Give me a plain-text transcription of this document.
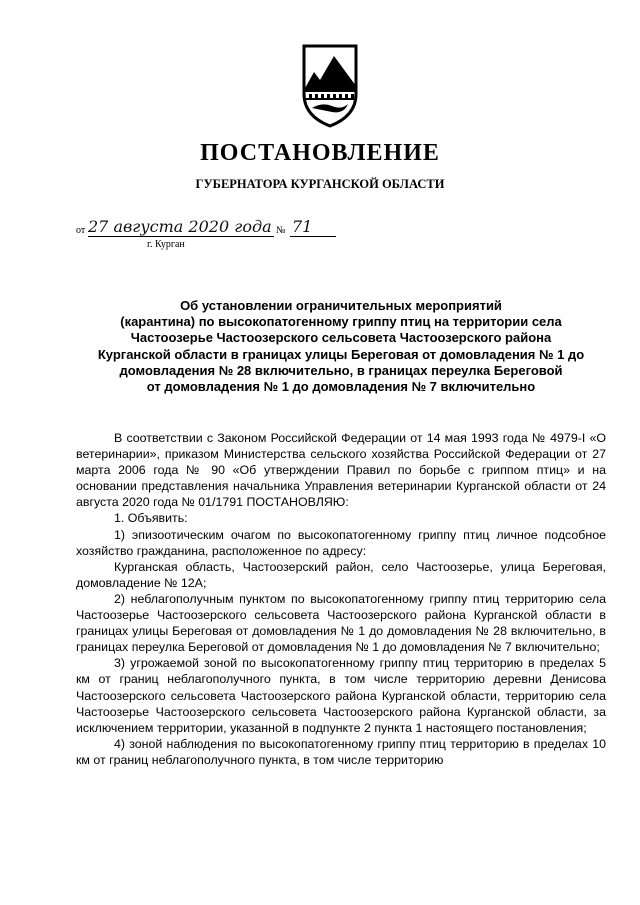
ПОСТАНОВЛЕНИЕ
ГУБЕРНАТОРА КУРГАНСКОЙ ОБЛАСТИ
от 27 августа 2020 года № 71
г. Курган
Об установлении ограничительных мероприятий
(карантина) по высокопатогенному гриппу птиц на территории села
Частоозерье Частоозерского сельсовета Частоозерского района
Курганской области в границах улицы Береговая от домовладения № 1 до
домовладения № 28 включительно, в границах переулка Береговой
от домовладения № 1 до домовладения № 7 включительно

В соответствии с Законом Российской Федерации от 14 мая 1993 года № 4979-I «О ветеринарии», приказом Министерства сельского хозяйства Российской Федерации от 27 марта 2006 года № 90 «Об утверждении Правил по борьбе с гриппом птиц» и на основании представления начальника Управления ветеринарии Курганской области от 24 августа 2020 года № 01/1791 ПОСТАНОВЛЯЮ:

1. Объявить:

1) эпизоотическим очагом по высокопатогенному гриппу птиц личное подсобное хозяйство гражданина, расположенное по адресу:

Курганская область, Частоозерский район, село Частоозерье, улица Береговая, домовладение № 12А;

2) неблагополучным пунктом по высокопатогенному гриппу птиц территорию села Частоозерье Частоозерского сельсовета Частоозерского района Курганской области в границах улицы Береговая от домовладения № 1 до домовладения № 28 включительно, в границах переулка Береговой от домовладения № 1 до домовладения № 7 включительно;

3) угрожаемой зоной по высокопатогенному гриппу птиц территорию в пределах 5 км от границ неблагополучного пункта, в том числе территорию деревни Денисова Частоозерского сельсовета Частоозерского района Курганской области, территорию села Частоозерье Частоозерского сельсовета Частоозерского района Курганской области, за исключением территории, указанной в подпункте 2 пункта 1 настоящего постановления;

4) зоной наблюдения по высокопатогенному гриппу птиц территорию в пределах 10 км от границ неблагополучного пункта, в том числе территорию
